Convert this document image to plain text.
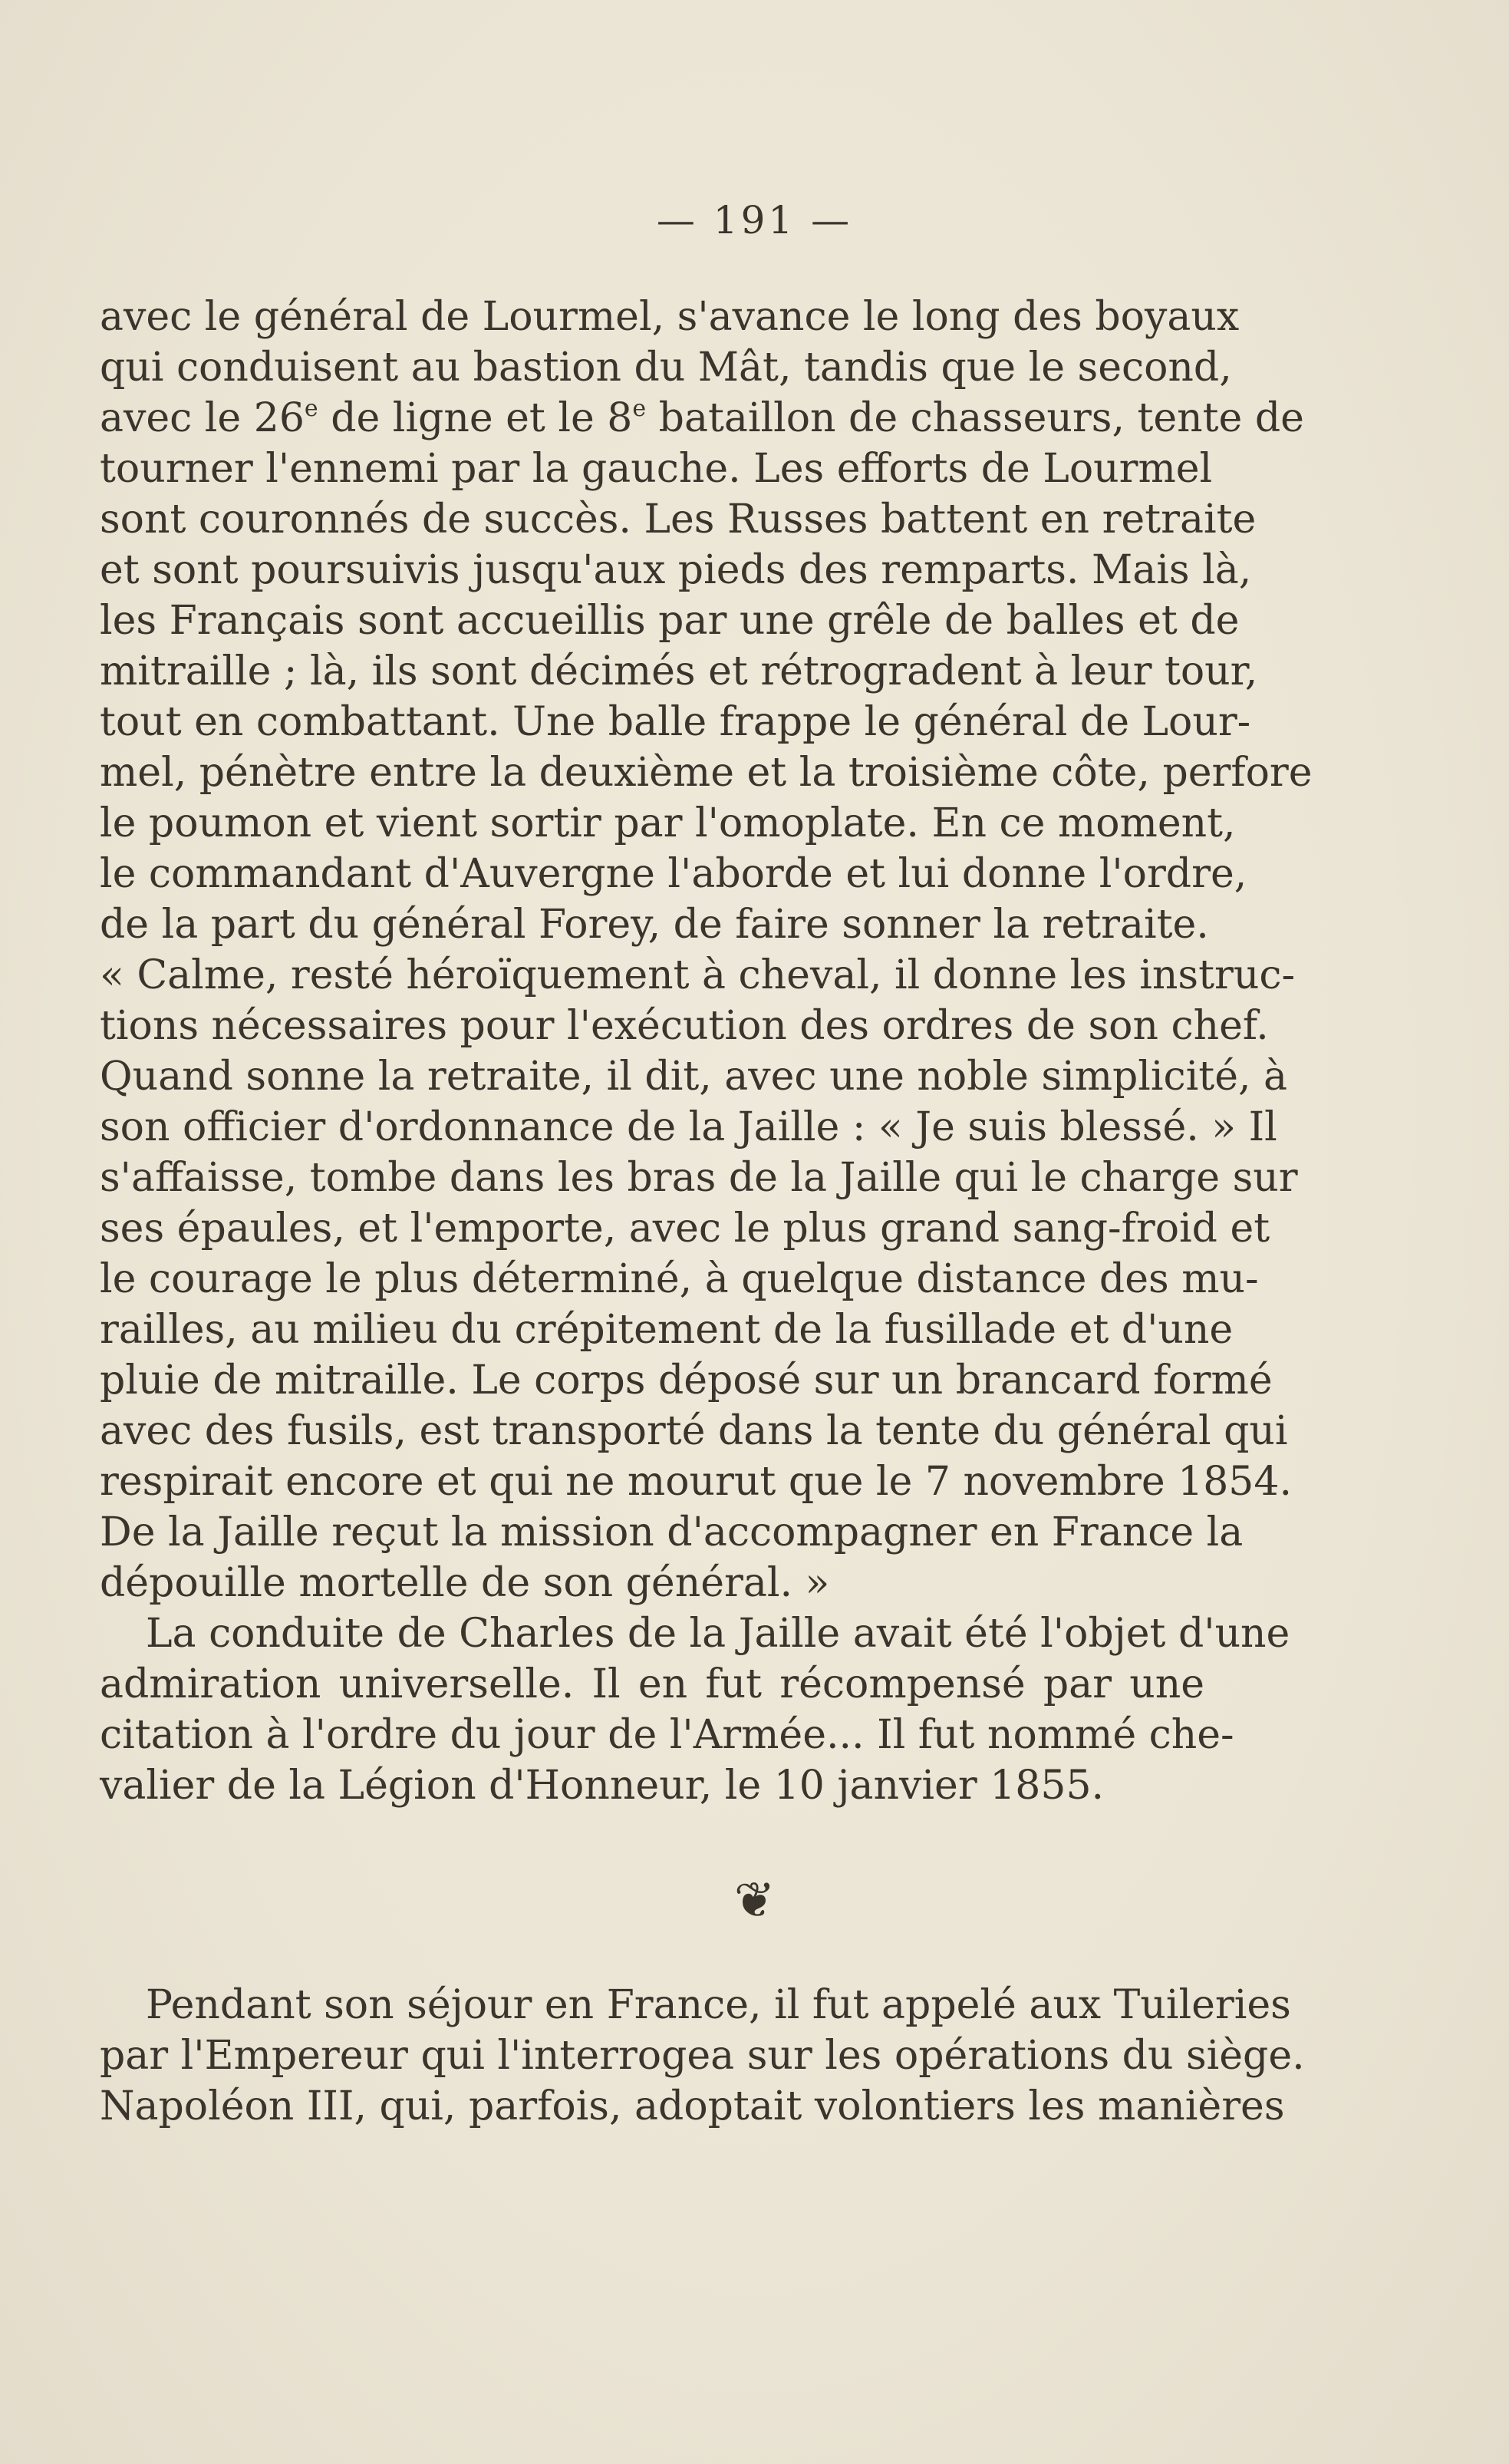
— 191 —
avec le général de Lourmel, s'avance le long des boyaux
qui conduisent au bastion du Mât, tandis que le second,
avec le 26e de ligne et le 8e bataillon de chasseurs, tente de
tourner l'ennemi par la gauche. Les efforts de Lourmel
sont couronnés de succès. Les Russes battent en retraite
et sont poursuivis jusqu'aux pieds des remparts. Mais là,
les Français sont accueillis par une grêle de balles et de
mitraille ; là, ils sont décimés et rétrogradent à leur tour,
tout en combattant. Une balle frappe le général de Lour-
mel, pénètre entre la deuxième et la troisième côte, perfore
le poumon et vient sortir par l'omoplate. En ce moment,
le commandant d'Auvergne l'aborde et lui donne l'ordre,
de la part du général Forey, de faire sonner la retraite.
« Calme, resté héroïquement à cheval, il donne les instruc-
tions nécessaires pour l'exécution des ordres de son chef.
Quand sonne la retraite, il dit, avec une noble simplicité, à
son officier d'ordonnance de la Jaille : « Je suis blessé. » Il
s'affaisse, tombe dans les bras de la Jaille qui le charge sur
ses épaules, et l'emporte, avec le plus grand sang-froid et
le courage le plus déterminé, à quelque distance des mu-
railles, au milieu du crépitement de la fusillade et d'une
pluie de mitraille. Le corps déposé sur un brancard formé
avec des fusils, est transporté dans la tente du général qui
respirait encore et qui ne mourut que le 7 novembre 1854.
De la Jaille reçut la mission d'accompagner en France la
dépouille mortelle de son général. »
La conduite de Charles de la Jaille avait été l'objet d'une
admiration universelle. Il en fut récompensé par une
citation à l'ordre du jour de l'Armée... Il fut nommé che-
valier de la Légion d'Honneur, le 10 janvier 1855.
❦
Pendant son séjour en France, il fut appelé aux Tuileries
par l'Empereur qui l'interrogea sur les opérations du siège.
Napoléon III, qui, parfois, adoptait volontiers les manières
